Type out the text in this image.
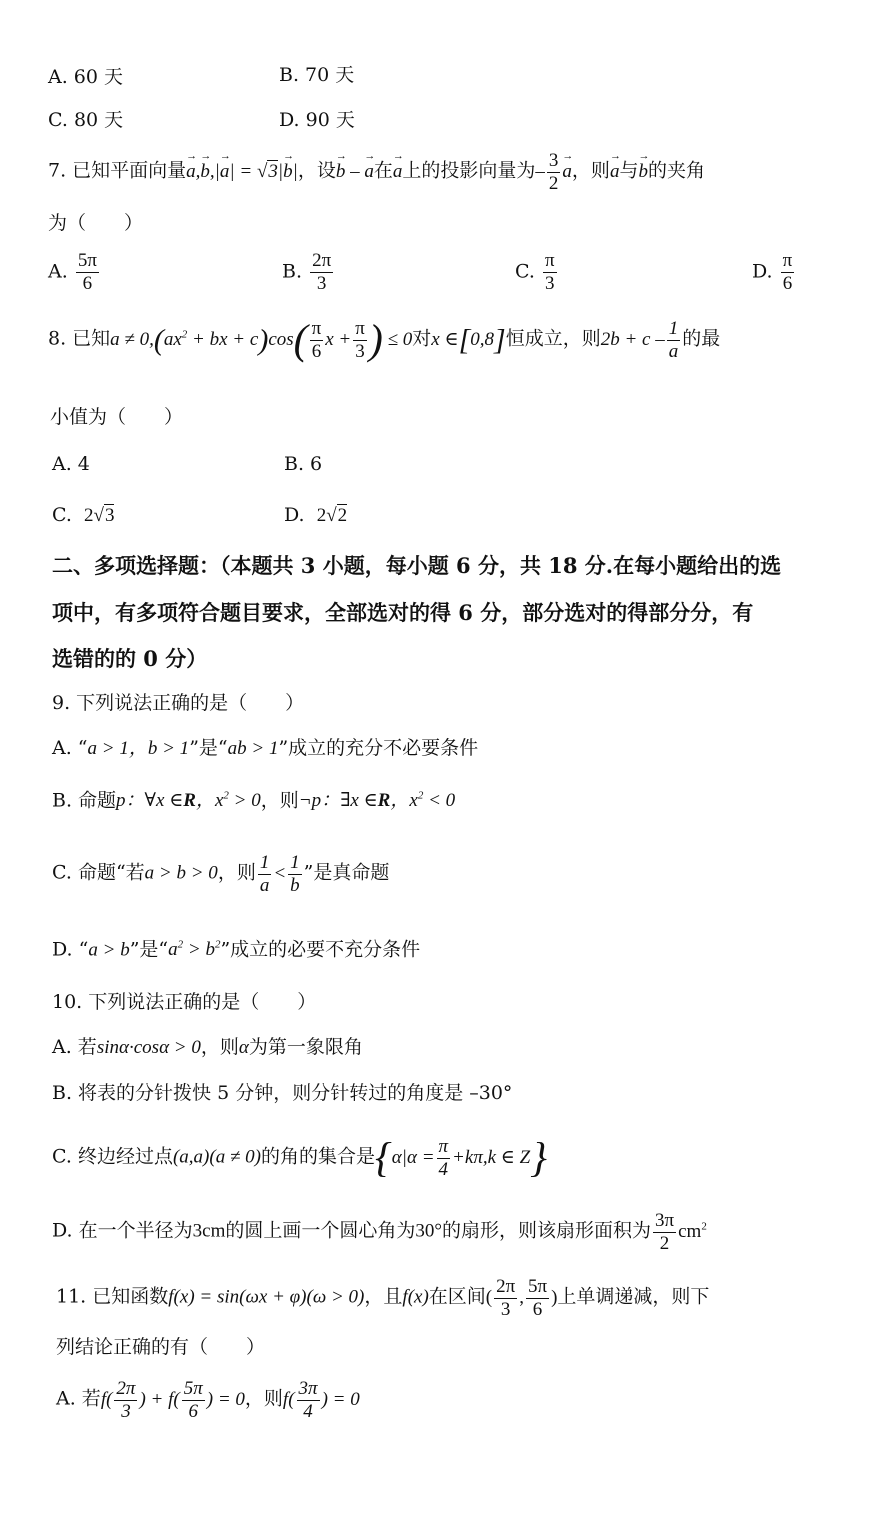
A. 60 天	B. 70 天
C. 80 天	D. 90 天
7. 已知平面向量→ a,→ b,|→ a| = √3|→ b|，设→ b – → a在→ a上的投影向量为– $\frac{3}{2}$
→ a，则→ a与→ b的夹角
为（　　）
A. $\frac{5\pi}{6}$	B. $\frac{2\pi}{3}$	C. $\frac{\pi}{3}$	D. $\frac{\pi}{6}$
8. 已知$a \ne 0,(ax^2$ + bx + $c)\cos( \frac{\pi}{6}$ $x + \frac{\pi}{3}$ ) ≤ 0对x ∈[0,8]恒成立，则$2b + c - \frac{1}{a}$ 的最
小值为（　　）
A. 4	B. 6
C. 2√3	D. 2√2
二、多项选择题：（本题共 3 小题，每小题 6 分，共 18 分.在每小题给出的选
项中，有多项符合题目要求，全部选对的得 6 分，部分选对的得部分分，有
选错的的 0 分）
9. 下列说法正确的是（　　）
A. “a > 1，b > 1”是“ab > 1”成立的充分不必要条件
B. 命题p：∀x ∈R，$x^2 > 0$，则¬p：∃x ∈R，$x^2 < 0$
C. 命题“若a > b > 0，则 $\frac{1}{a} < \frac{1}{b}$ ”是真命题
D. “a > b”是“$a^2 > b^2$”成立的必要不充分条件
10. 下列说法正确的是（　　）
A. 若sinα·cosα > 0，则α为第一象限角
B. 将表的分针拨快 5 分钟，则分针转过的角度是 –30°
C. 终边经过点(a,a)(a ≠ 0)的角的集合是{$\alpha|\alpha = \frac{\pi}{4} +k\pi,k$ ∈ Z}
D. 在一个半径为3cm的圆上画一个圆心角为30°的扇形，则该扇形面积为 $\frac{3\pi}{2} cm^2$
11. 已知函数f(x) = sin(ωx + φ)(ω > 0)，且f(x)在区间( $\frac{2\pi}{3}$ , $\frac{5\pi}{6}$ )上单调递减，则下
列结论正确的有（　　）
A. 若$f( \frac{2\pi}{3}$ ) + $f( \frac{5\pi}{6}$ ) = 0，则$f( \frac{3\pi}{4}$ ) = 0
